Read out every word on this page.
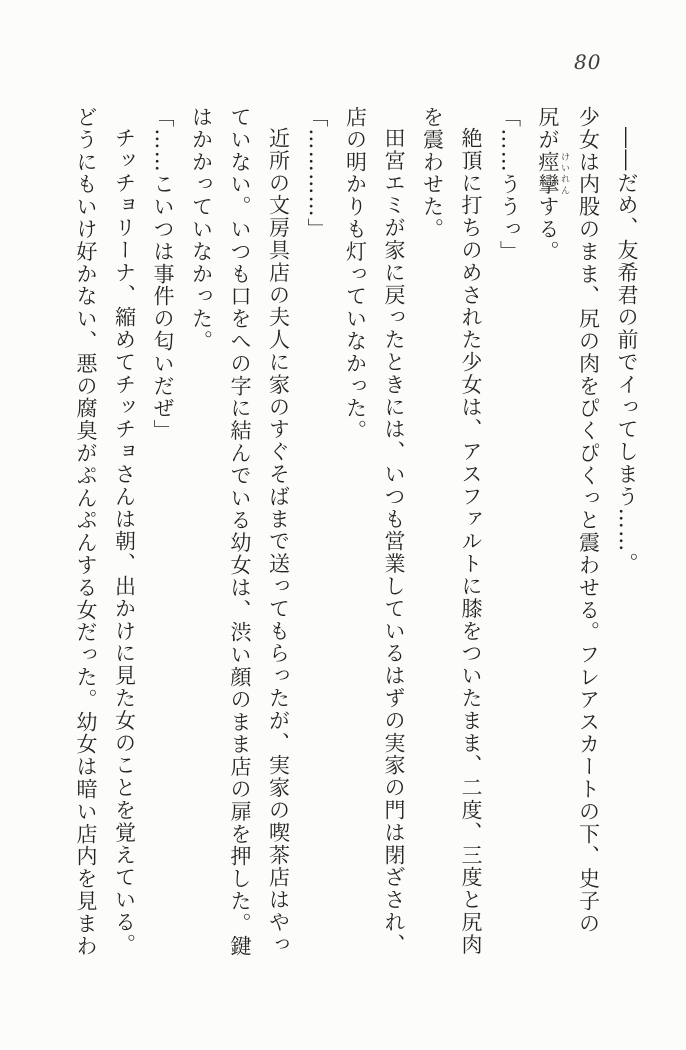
80

――だめ、友希君の前でイってしまう……。

少女は内股のまま、尻の肉をぴくぴくっと震わせる。フレアスカートの下、史子の

尻が痙攣 けいれんする。

「……ううっ」

絶頂に打ちのめされた少女は、アスファルトに膝をついたまま、二度、三度と尻肉

を震わせた。

田宮エミが家に戻ったときには、いつも営業しているはずの実家の門は閉ざされ、

店の明かりも灯っていなかった。

「…………」

近所の文房具店の夫人に家のすぐそばまで送ってもらったが、実家の喫茶店はやっ

ていない。いつも口をへの字に結んでいる幼女は、渋い顔のまま店の扉を押した。鍵

はかかっていなかった。

「……こいつは事件の匂いだぜ」

チッチョリーナ、縮めてチッチョさんは朝、出かけに見た女のことを覚えている。

どうにもいけ好かない、悪の腐臭がぷんぷんする女だった。幼女は暗い店内を見まわ
